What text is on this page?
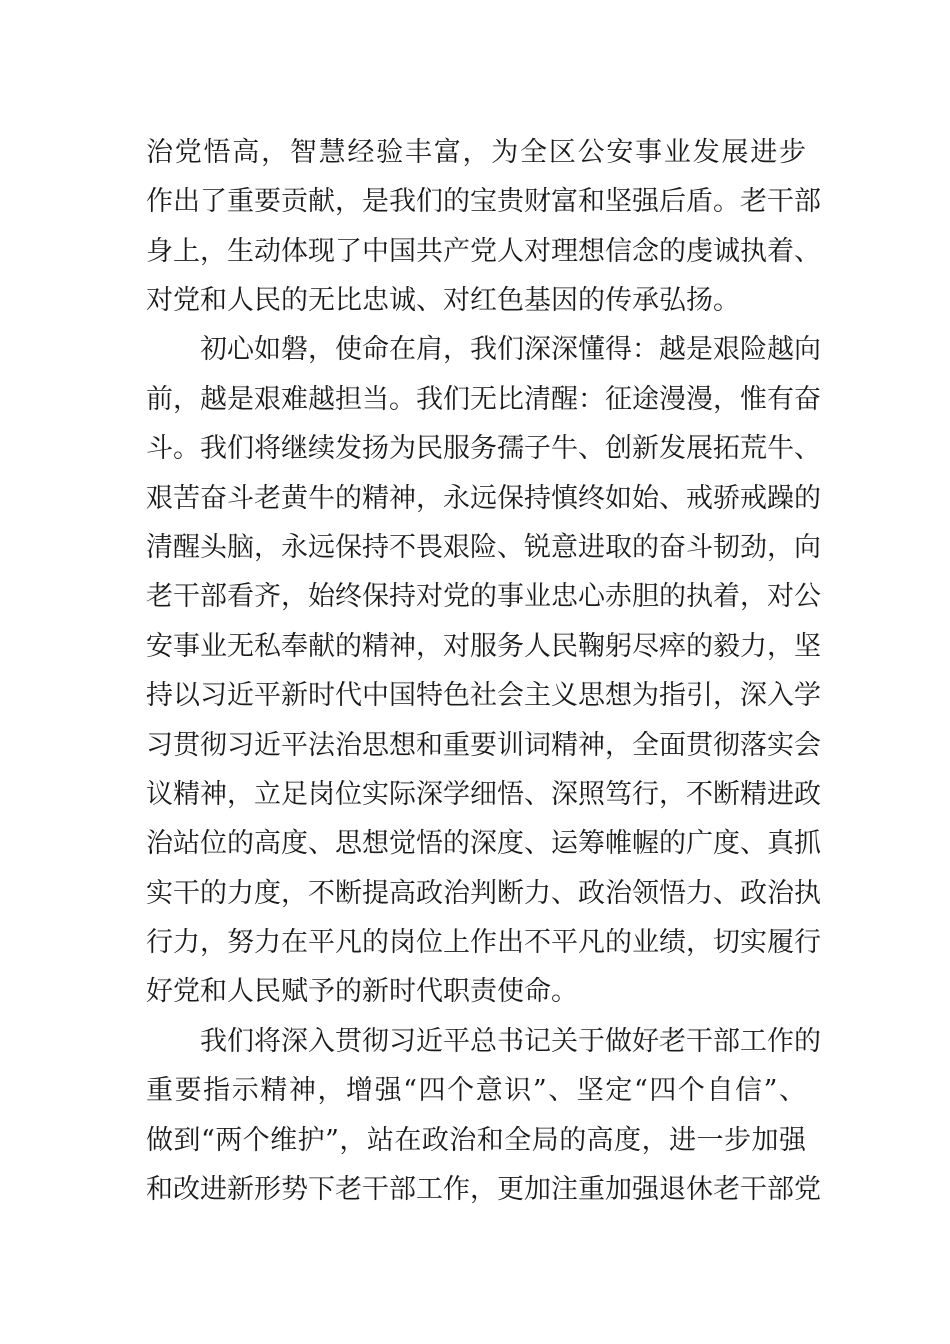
治党悟高，智慧经验丰富，为全区公安事业发展进步
作出了重要贡献，是我们的宝贵财富和坚强后盾。老干部
身上，生动体现了中国共产党人对理想信念的虔诚执着、
对党和人民的无比忠诚、对红色基因的传承弘扬。
初心如磐，使命在肩，我们深深懂得：越是艰险越向
前，越是艰难越担当。我们无比清醒：征途漫漫，惟有奋
斗。我们将继续发扬为民服务孺子牛、创新发展拓荒牛、
艰苦奋斗老黄牛的精神，永远保持慎终如始、戒骄戒躁的
清醒头脑，永远保持不畏艰险、锐意进取的奋斗韧劲，向
老干部看齐，始终保持对党的事业忠心赤胆的执着，对公
安事业无私奉献的精神，对服务人民鞠躬尽瘁的毅力，坚
持以习近平新时代中国特色社会主义思想为指引，深入学
习贯彻习近平法治思想和重要训词精神，全面贯彻落实会
议精神，立足岗位实际深学细悟、深照笃行，不断精进政
治站位的高度、思想觉悟的深度、运筹帷幄的广度、真抓
实干的力度，不断提高政治判断力、政治领悟力、政治执
行力，努力在平凡的岗位上作出不平凡的业绩，切实履行
好党和人民赋予的新时代职责使命。
我们将深入贯彻习近平总书记关于做好老干部工作的
重要指示精神，增强“四个意识”、坚定“四个自信”、
做到“两个维护”，站在政治和全局的高度，进一步加强
和改进新形势下老干部工作，更加注重加强退休老干部党
